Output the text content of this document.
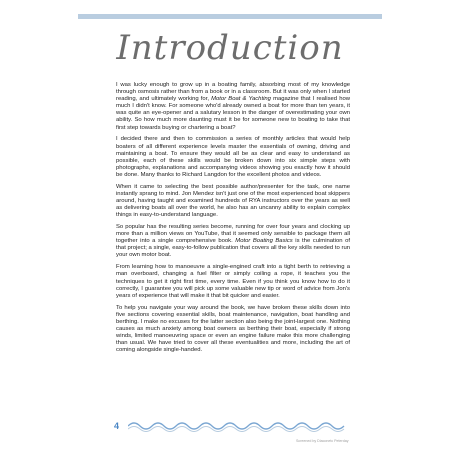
Introduction

I was lucky enough to grow up in a boating family, absorbing most of my knowledge through osmosis rather than from a book or in a classroom. But it was only when I started reading, and ultimately working for, Motor Boat & Yachting magazine that I realised how much I didn't know. For someone who'd already owned a boat for more than ten years, it was quite an eye-opener and a salutary lesson in the danger of overestimating your own ability. So how much more daunting must it be for someone new to boating to take that first step towards buying or chartering a boat?

I decided there and then to commission a series of monthly articles that would help boaters of all different experience levels master the essentials of owning, driving and maintaining a boat. To ensure they would all be as clear and easy to understand as possible, each of these skills would be broken down into six simple steps with photographs, explanations and accompanying videos showing you exactly how it should be done. Many thanks to Richard Langdon for the excellent photos and videos.

When it came to selecting the best possible author/presenter for the task, one name instantly sprang to mind. Jon Mendez isn't just one of the most experienced boat skippers around, having taught and examined hundreds of RYA instructors over the years as well as delivering boats all over the world, he also has an uncanny ability to explain complex things in easy-to-understand language.

So popular has the resulting series become, running for over four years and clocking up more than a million views on YouTube, that it seemed only sensible to package them all together into a single comprehensive book. Motor Boating Basics is the culmination of that project; a single, easy-to-follow publication that covers all the key skills needed to run your own motor boat.

From learning how to manoeuvre a single-engined craft into a tight berth to retrieving a man overboard, changing a fuel filter or simply coiling a rope, it teaches you the techniques to get it right first time, every time. Even if you think you know how to do it correctly, I guarantee you will pick up some valuable new tip or word of advice from Jon's years of experience that will make it that bit quicker and easier.

To help you navigate your way around the book, we have broken these skills down into five sections covering essential skills, boat maintenance, navigation, boat handling and berthing. I make no excuses for the latter section also being the joint-largest one. Nothing causes as much anxiety among boat owners as berthing their boat, especially if strong winds, limited manoeuvring space or even an engine failure make this more challenging than usual. We have tried to cover all these eventualities and more, including the art of coming alongside single-handed.

4
Screened by Diaconetc Peterday
